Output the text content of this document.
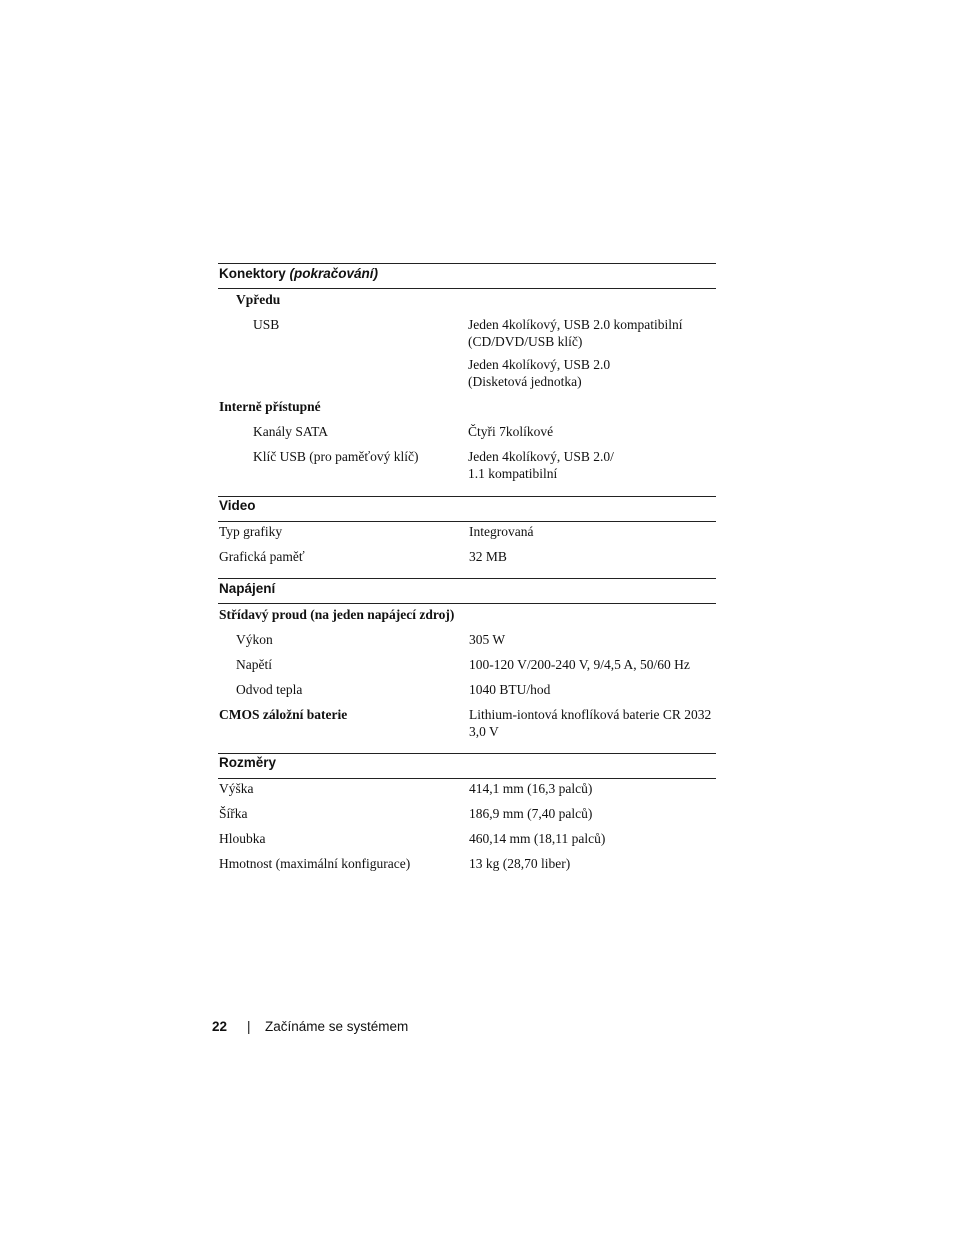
Konektory (pokračování)
Vpředu
USB	Jeden 4kolíkový, USB 2.0 kompatibilní
(CD/DVD/USB klíč)
Jeden 4kolíkový, USB 2.0
(Disketová jednotka)
Interně přístupné
Kanály SATA	Čtyři 7kolíkové
Klíč USB (pro paměťový klíč)	Jeden 4kolíkový, USB 2.0/
1.1 kompatibilní
Video
Typ grafiky	Integrovaná
Grafická paměť	32 MB
Napájení
Střídavý proud (na jeden napájecí zdroj)
Výkon	305 W
Napětí	100-120 V/200-240 V, 9/4,5 A, 50/60 Hz
Odvod tepla	1040 BTU/hod
CMOS záložní baterie	Lithium-iontová knoflíková baterie CR 2032
3,0 V
Rozměry
Výška	414,1 mm (16,3 palců)
Šířka	186,9 mm (7,40 palců)
Hloubka	460,14 mm (18,11 palců)
Hmotnost (maximální konfigurace)	13 kg (28,70 liber)
22 | Začínáme se systémem
